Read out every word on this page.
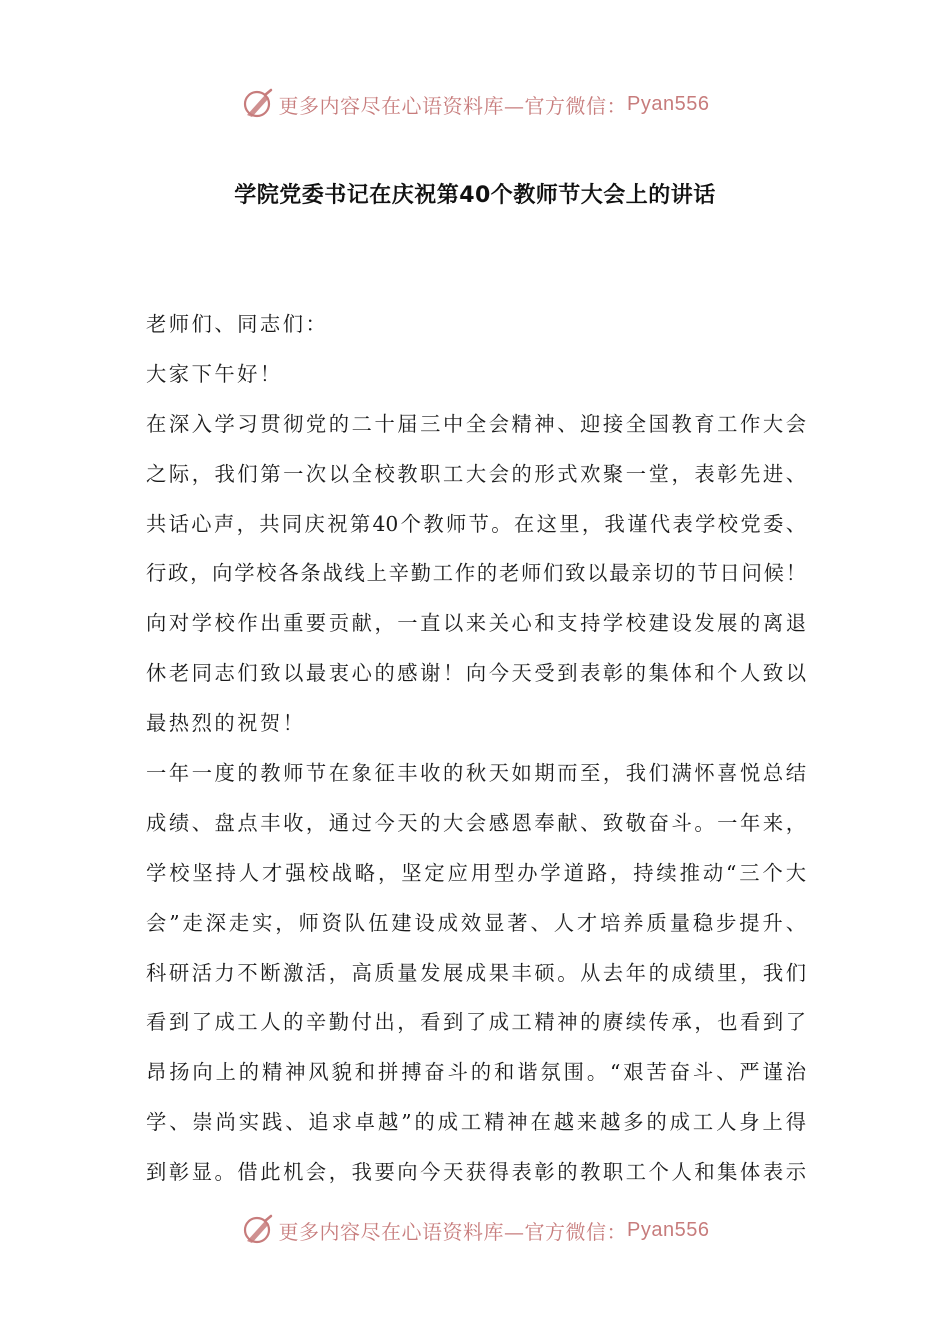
更多内容尽在心语资料库—官方微信： Pyan556
学院党委书记在庆祝第40个教师节大会上的讲话
老师们、同志们：
大家下午好！
在深入学习贯彻党的二十届三中全会精神、迎接全国教育工作大会
之际，我们第一次以全校教职工大会的形式欢聚一堂，表彰先进、
共话心声，共同庆祝第40个教师节。在这里，我谨代表学校党委、
行政，向学校各条战线上辛勤工作的老师们致以最亲切的节日问候！
向对学校作出重要贡献，一直以来关心和支持学校建设发展的离退
休老同志们致以最衷心的感谢！向今天受到表彰的集体和个人致以
最热烈的祝贺！
一年一度的教师节在象征丰收的秋天如期而至，我们满怀喜悦总结
成绩、盘点丰收，通过今天的大会感恩奉献、致敬奋斗。一年来，
学校坚持人才强校战略，坚定应用型办学道路，持续推动“三个大
会”走深走实，师资队伍建设成效显著、人才培养质量稳步提升、
科研活力不断激活，高质量发展成果丰硕。从去年的成绩里，我们
看到了成工人的辛勤付出，看到了成工精神的赓续传承，也看到了
昂扬向上的精神风貌和拼搏奋斗的和谐氛围。“艰苦奋斗、严谨治
学、崇尚实践、追求卓越”的成工精神在越来越多的成工人身上得
到彰显。借此机会，我要向今天获得表彰的教职工个人和集体表示
更多内容尽在心语资料库—官方微信： Pyan556
